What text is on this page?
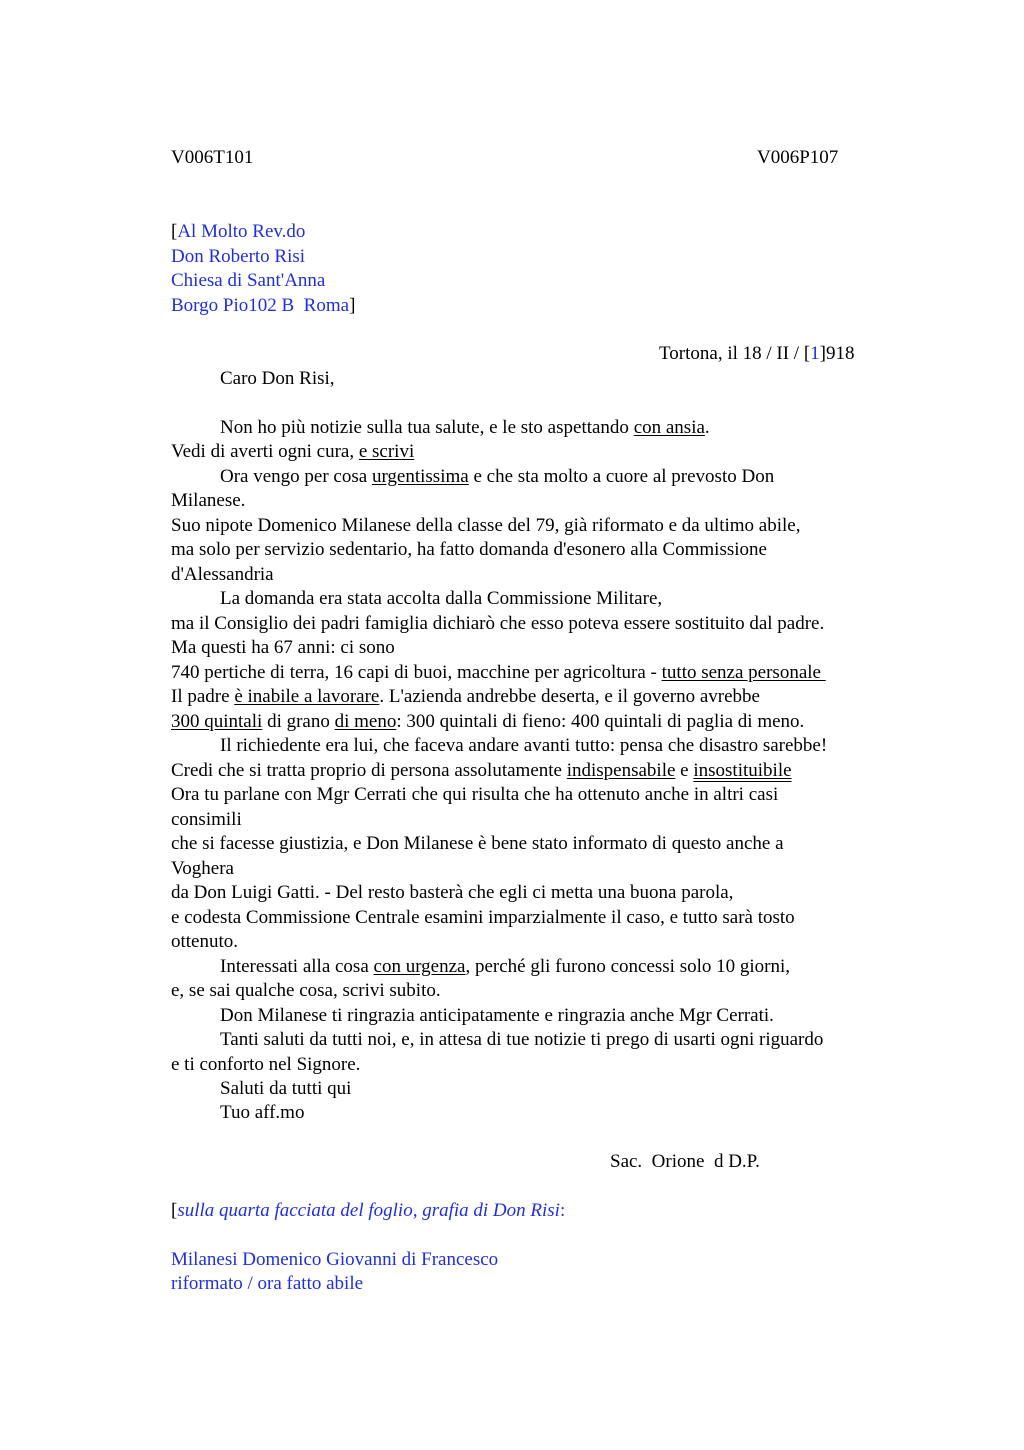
V006T101	V006P107
[Al Molto Rev.do
Don Roberto Risi
Chiesa di Sant'Anna
Borgo Pio102 B  Roma]
Tortona, il 18 / II / [1]918
Caro Don Risi,
Non ho più notizie sulla tua salute, e le sto aspettando con ansia.
Vedi di averti ogni cura, e scrivi
Ora vengo per cosa urgentissima e che sta molto a cuore al prevosto Don
Milanese.
Suo nipote Domenico Milanese della classe del 79, già riformato e da ultimo abile,
ma solo per servizio sedentario, ha fatto domanda d'esonero alla Commissione
d'Alessandria
La domanda era stata accolta dalla Commissione Militare,
ma il Consiglio dei padri famiglia dichiarò che esso poteva essere sostituito dal padre.
Ma questi ha 67 anni: ci sono
740 pertiche di terra, 16 capi di buoi, macchine per agricoltura - tutto senza personale
Il padre è inabile a lavorare. L'azienda andrebbe deserta, e il governo avrebbe
300 quintali di grano di meno: 300 quintali di fieno: 400 quintali di paglia di meno.
Il richiedente era lui, che faceva andare avanti tutto: pensa che disastro sarebbe!
Credi che si tratta proprio di persona assolutamente indispensabile e insostituibile
Ora tu parlane con Mgr Cerrati che qui risulta che ha ottenuto anche in altri casi
consimili
che si facesse giustizia, e Don Milanese è bene stato informato di questo anche a
Voghera
da Don Luigi Gatti. - Del resto basterà che egli ci metta una buona parola,
e codesta Commissione Centrale esamini imparzialmente il caso, e tutto sarà tosto
ottenuto.
Interessati alla cosa con urgenza, perché gli furono concessi solo 10 giorni,
e, se sai qualche cosa, scrivi subito.
Don Milanese ti ringrazia anticipatamente e ringrazia anche Mgr Cerrati.
Tanti saluti da tutti noi, e, in attesa di tue notizie ti prego di usarti ogni riguardo
e ti conforto nel Signore.
Saluti da tutti qui
Tuo aff.mo
Sac.  Orione  d D.P.
[sulla quarta facciata del foglio, grafia di Don Risi:
Milanesi Domenico Giovanni di Francesco
riformato / ora fatto abile
